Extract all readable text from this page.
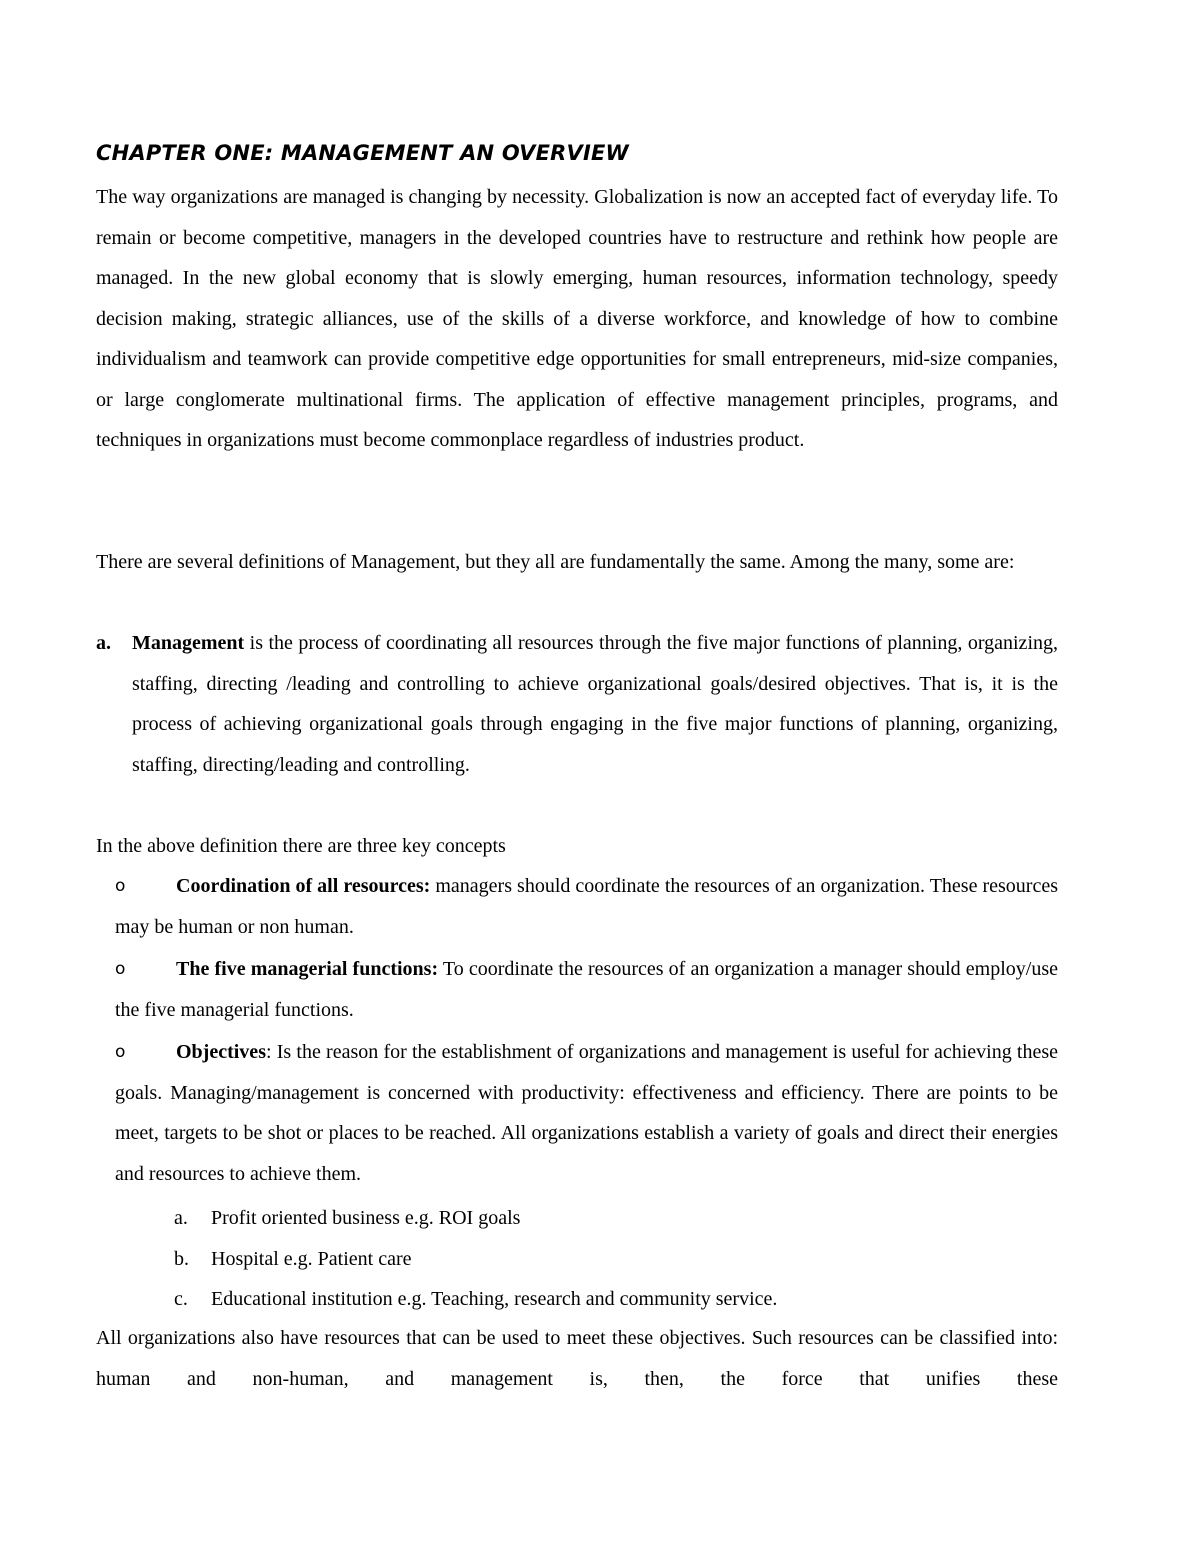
CHAPTER ONE: MANAGEMENT AN OVERVIEW

The way organizations are managed is changing by necessity. Globalization is now an accepted fact of everyday life. To remain or become competitive, managers in the developed countries have to restructure and rethink how people are managed. In the new global economy that is slowly emerging, human resources, information technology, speedy decision making, strategic alliances, use of the skills of a diverse workforce, and knowledge of how to combine individualism and teamwork can provide competitive edge opportunities for small entrepreneurs, mid-size companies, or large conglomerate multinational firms. The application of effective management principles, programs, and techniques in organizations must become commonplace regardless of industries product.

There are several definitions of Management, but they all are fundamentally the same. Among the many, some are:

a. Management is the process of coordinating all resources through the five major functions of planning, organizing, staffing, directing /leading and controlling to achieve organizational goals/desired objectives. That is, it is the process of achieving organizational goals through engaging in the five major functions of planning, organizing, staffing, directing/leading and controlling.

In the above definition there are three key concepts

o	Coordination of all resources: managers should coordinate the resources of an organization. These resources may be human or non human.

o	The five managerial functions: To coordinate the resources of an organization a manager should employ/use the five managerial functions.

o	Objectives: Is the reason for the establishment of organizations and management is useful for achieving these goals. Managing/management is concerned with productivity: effectiveness and efficiency. There are points to be meet, targets to be shot or places to be reached. All organizations establish a variety of goals and direct their energies and resources to achieve them.

a. Profit oriented business e.g. ROI goals
b. Hospital e.g. Patient care
c. Educational institution e.g. Teaching, research and community service.

All organizations also have resources that can be used to meet these objectives. Such resources can be classified into: human and non-human, and management is, then, the force that unifies these
